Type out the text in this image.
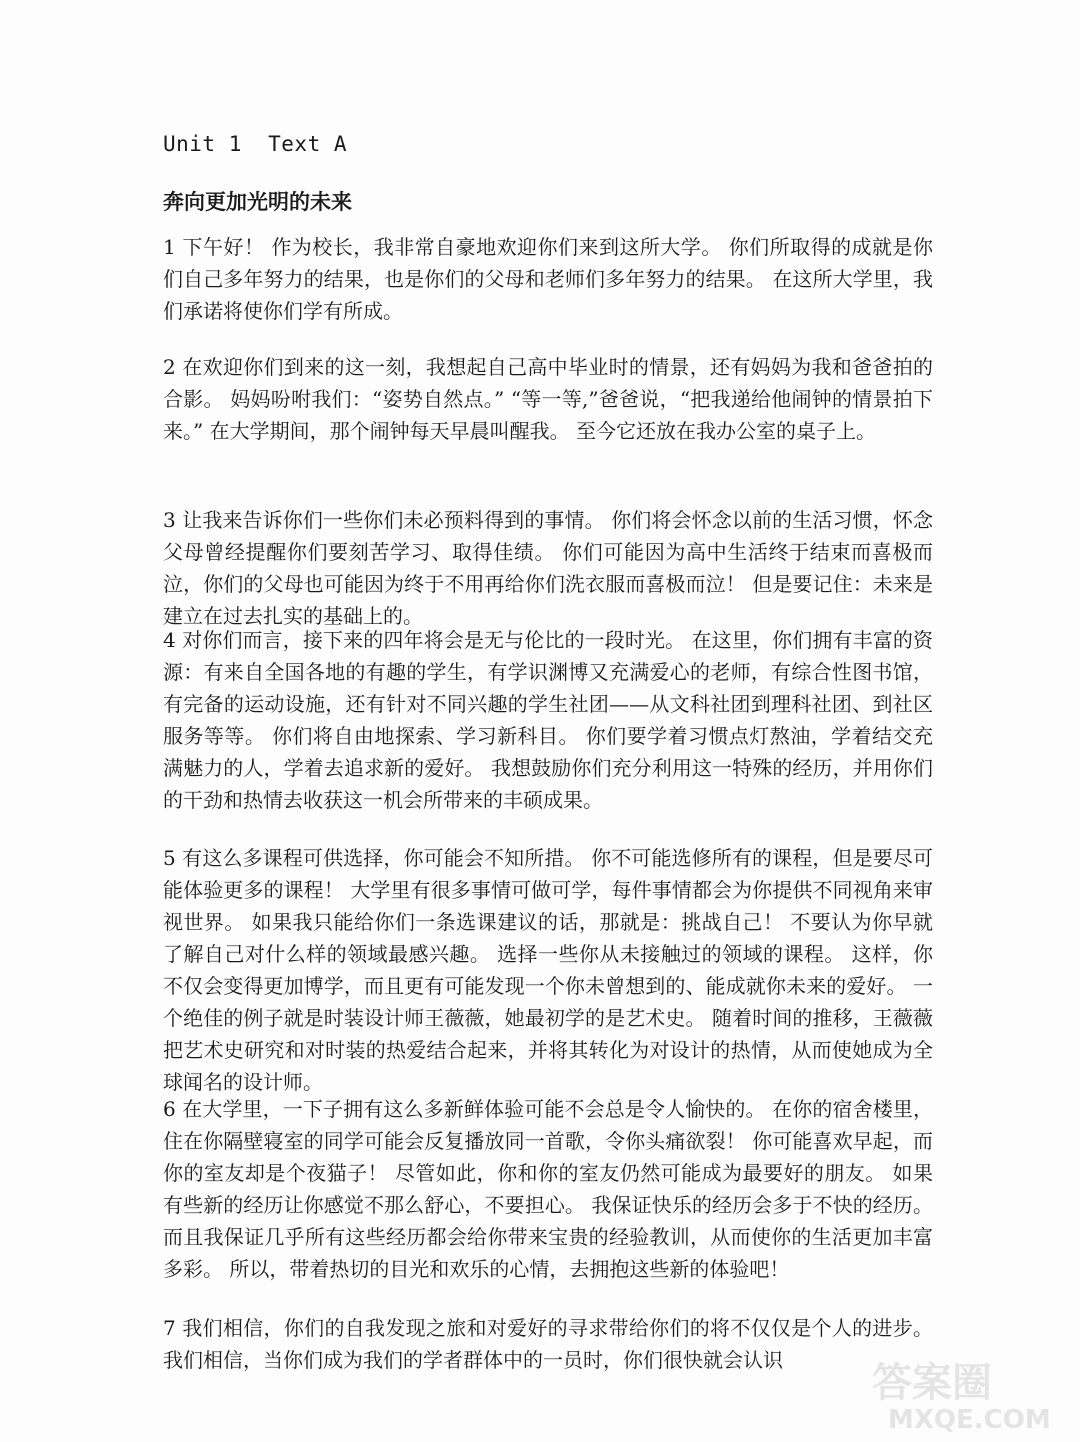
Unit 1  Text A
奔向更加光明的未来

1 下午好！ 作为校长，我非常自豪地欢迎你们来到这所大学。 你们所取得的成就是你们自己多年努力的结果，也是你们的父母和老师们多年努力的结果。 在这所大学里，我们承诺将使你们学有所成。

2 在欢迎你们到来的这一刻，我想起自己高中毕业时的情景，还有妈妈为我和爸爸拍的合影。 妈妈吩咐我们：“姿势自然点。” “等一等,”爸爸说，“把我递给他闹钟的情景拍下来。” 在大学期间，那个闹钟每天早晨叫醒我。 至今它还放在我办公室的桌子上。

3 让我来告诉你们一些你们未必预料得到的事情。 你们将会怀念以前的生活习惯，怀念父母曾经提醒你们要刻苦学习、取得佳绩。 你们可能因为高中生活终于结束而喜极而泣，你们的父母也可能因为终于不用再给你们洗衣服而喜极而泣！ 但是要记住：未来是建立在过去扎实的基础上的。

4 对你们而言，接下来的四年将会是无与伦比的一段时光。 在这里，你们拥有丰富的资源：有来自全国各地的有趣的学生，有学识渊博又充满爱心的老师，有综合性图书馆，有完备的运动设施，还有针对不同兴趣的学生社团——从文科社团到理科社团、到社区服务等等。 你们将自由地探索、学习新科目。 你们要学着习惯点灯熬油，学着结交充满魅力的人，学着去追求新的爱好。 我想鼓励你们充分利用这一特殊的经历，并用你们的干劲和热情去收获这一机会所带来的丰硕成果。

5 有这么多课程可供选择，你可能会不知所措。 你不可能选修所有的课程，但是要尽可能体验更多的课程！ 大学里有很多事情可做可学，每件事情都会为你提供不同视角来审视世界。 如果我只能给你们一条选课建议的话，那就是：挑战自己！ 不要认为你早就了解自己对什么样的领域最感兴趣。 选择一些你从未接触过的领域的课程。 这样，你不仅会变得更加博学，而且更有可能发现一个你未曾想到的、能成就你未来的爱好。 一个绝佳的例子就是时装设计师王薇薇，她最初学的是艺术史。 随着时间的推移，王薇薇把艺术史研究和对时装的热爱结合起来，并将其转化为对设计的热情，从而使她成为全球闻名的设计师。

6 在大学里，一下子拥有这么多新鲜体验可能不会总是令人愉快的。 在你的宿舍楼里，住在你隔壁寝室的同学可能会反复播放同一首歌，令你头痛欲裂！ 你可能喜欢早起，而你的室友却是个夜猫子！ 尽管如此，你和你的室友仍然可能成为最要好的朋友。 如果有些新的经历让你感觉不那么舒心，不要担心。 我保证快乐的经历会多于不快的经历。 而且我保证几乎所有这些经历都会给你带来宝贵的经验教训，从而使你的生活更加丰富多彩。 所以，带着热切的目光和欢乐的心情，去拥抱这些新的体验吧！

7 我们相信，你们的自我发现之旅和对爱好的寻求带给你们的将不仅仅是个人的进步。 我们相信，当你们成为我们的学者群体中的一员时，你们很快就会认识	答案圈
MXQE.COM
